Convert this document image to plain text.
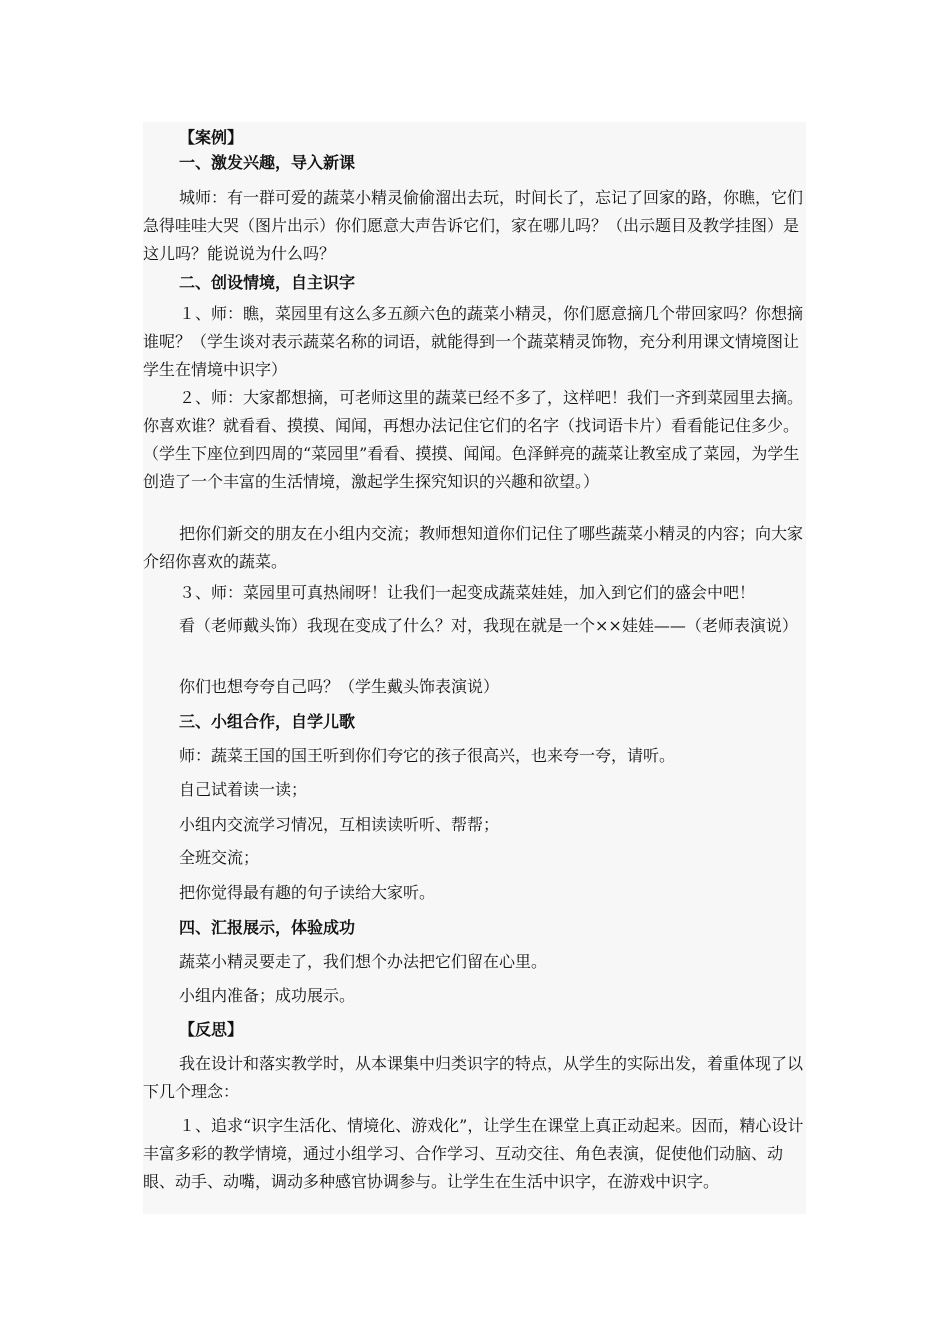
【案例】

一、激发兴趣，导入新课

城师：有一群可爱的蔬菜小精灵偷偷溜出去玩，时间长了，忘记了回家的路，你瞧，它们急得哇哇大哭（图片出示）你们愿意大声告诉它们，家在哪儿吗？（出示题目及教学挂图）是这儿吗？能说说为什么吗？

二、创设情境，自主识字

１、师：瞧，菜园里有这么多五颜六色的蔬菜小精灵，你们愿意摘几个带回家吗？你想摘谁呢？（学生谈对表示蔬菜名称的词语，就能得到一个蔬菜精灵饰物，充分利用课文情境图让学生在情境中识字）

２、师：大家都想摘，可老师这里的蔬菜已经不多了，这样吧！我们一齐到菜园里去摘。你喜欢谁？就看看、摸摸、闻闻，再想办法记住它们的名字（找词语卡片）看看能记住多少。（学生下座位到四周的“菜园里”看看、摸摸、闻闻。色泽鲜亮的蔬菜让教室成了菜园，为学生创造了一个丰富的生活情境，激起学生探究知识的兴趣和欲望。）

把你们新交的朋友在小组内交流；教师想知道你们记住了哪些蔬菜小精灵的内容；向大家介绍你喜欢的蔬菜。

３、师：菜园里可真热闹呀！让我们一起变成蔬菜娃娃，加入到它们的盛会中吧！

看（老师戴头饰）我现在变成了什么？对，我现在就是一个××娃娃——（老师表演说）

你们也想夸夸自己吗？（学生戴头饰表演说）

三、小组合作，自学儿歌

师：蔬菜王国的国王听到你们夸它的孩子很高兴，也来夸一夸，请听。

自己试着读一读；

小组内交流学习情况，互相读读听听、帮帮；

全班交流；

把你觉得最有趣的句子读给大家听。

四、汇报展示，体验成功

蔬菜小精灵要走了，我们想个办法把它们留在心里。

小组内准备；成功展示。

【反思】

我在设计和落实教学时，从本课集中归类识字的特点，从学生的实际出发，着重体现了以下几个理念：

１、追求“识字生活化、情境化、游戏化”，让学生在课堂上真正动起来。因而，精心设计丰富多彩的教学情境，通过小组学习、合作学习、互动交往、角色表演，促使他们动脑、动眼、动手、动嘴，调动多种感官协调参与。让学生在生活中识字，在游戏中识字。
